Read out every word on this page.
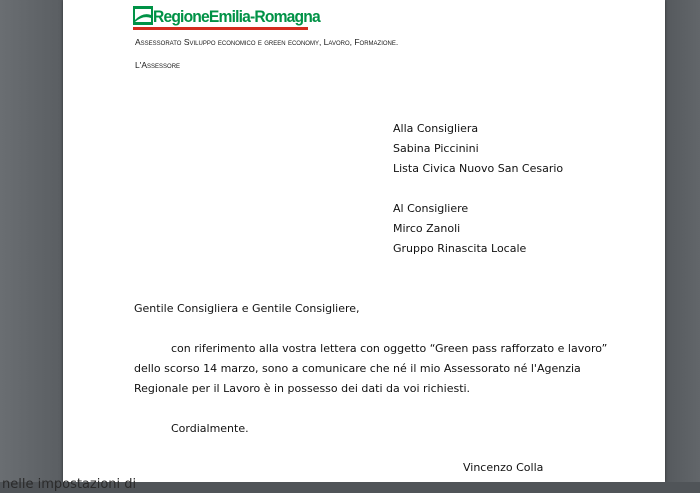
RegioneEmilia-Romagna
Assessorato Sviluppo economico e green economy, Lavoro, Formazione.
L'Assessore
Alla Consigliera
Sabina Piccinini
Lista Civica Nuovo San Cesario
Al Consigliere
Mirco Zanoli
Gruppo Rinascita Locale
Gentile Consigliera e Gentile Consigliere,
con riferimento alla vostra lettera con oggetto “Green pass rafforzato e lavoro” dello scorso 14 marzo, sono a comunicare che né il mio Assessorato né l'Agenzia Regionale per il Lavoro è in possesso dei dati da voi richiesti.
Cordialmente.
Vincenzo Colla
nelle impostazioni di
